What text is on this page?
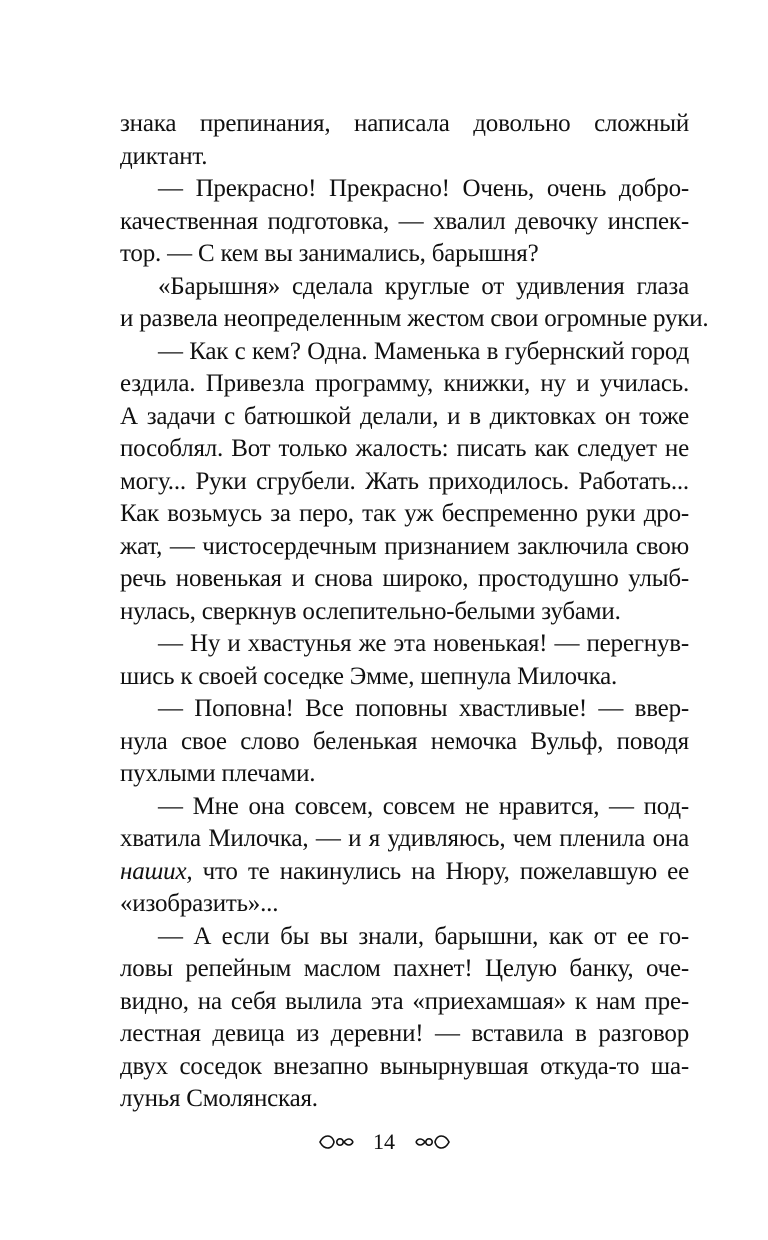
знака препинания, написала довольно сложный
диктант.
— Прекрасно! Прекрасно! Очень, очень добро-
качественная подготовка, — хвалил девочку инспек-
тор. — С кем вы занимались, барышня?
«Барышня» сделала круглые от удивления глаза
и развела неопределенным жестом свои огромные руки.
— Как с кем? Одна. Маменька в губернский город
ездила. Привезла программу, книжки, ну и училась.
А задачи с батюшкой делали, и в диктовках он тоже
пособлял. Вот только жалость: писать как следует не
могу... Руки сгрубели. Жать приходилось. Работать...
Как возьмусь за перо, так уж беспременно руки дро-
жат, — чистосердечным признанием заключила свою
речь новенькая и снова широко, простодушно улыб-
нулась, сверкнув ослепительно-белыми зубами.
— Ну и хвастунья же эта новенькая! — перегнув-
шись к своей соседке Эмме, шепнула Милочка.
— Поповна! Все поповны хвастливые! — ввер-
нула свое слово беленькая немочка Вульф, поводя
пухлыми плечами.
— Мне она совсем, совсем не нравится, — под-
хватила Милочка, — и я удивляюсь, чем пленила она
наших, что те накинулись на Нюру, пожелавшую ее
«изобразить»...
— А если бы вы знали, барышни, как от ее го-
ловы репейным маслом пахнет! Целую банку, оче-
видно, на себя вылила эта «приехамшая» к нам пре-
лестная девица из деревни! — вставила в разговор
двух соседок внезапно вынырнувшая откуда-то ша-
лунья Смолянская.
14
